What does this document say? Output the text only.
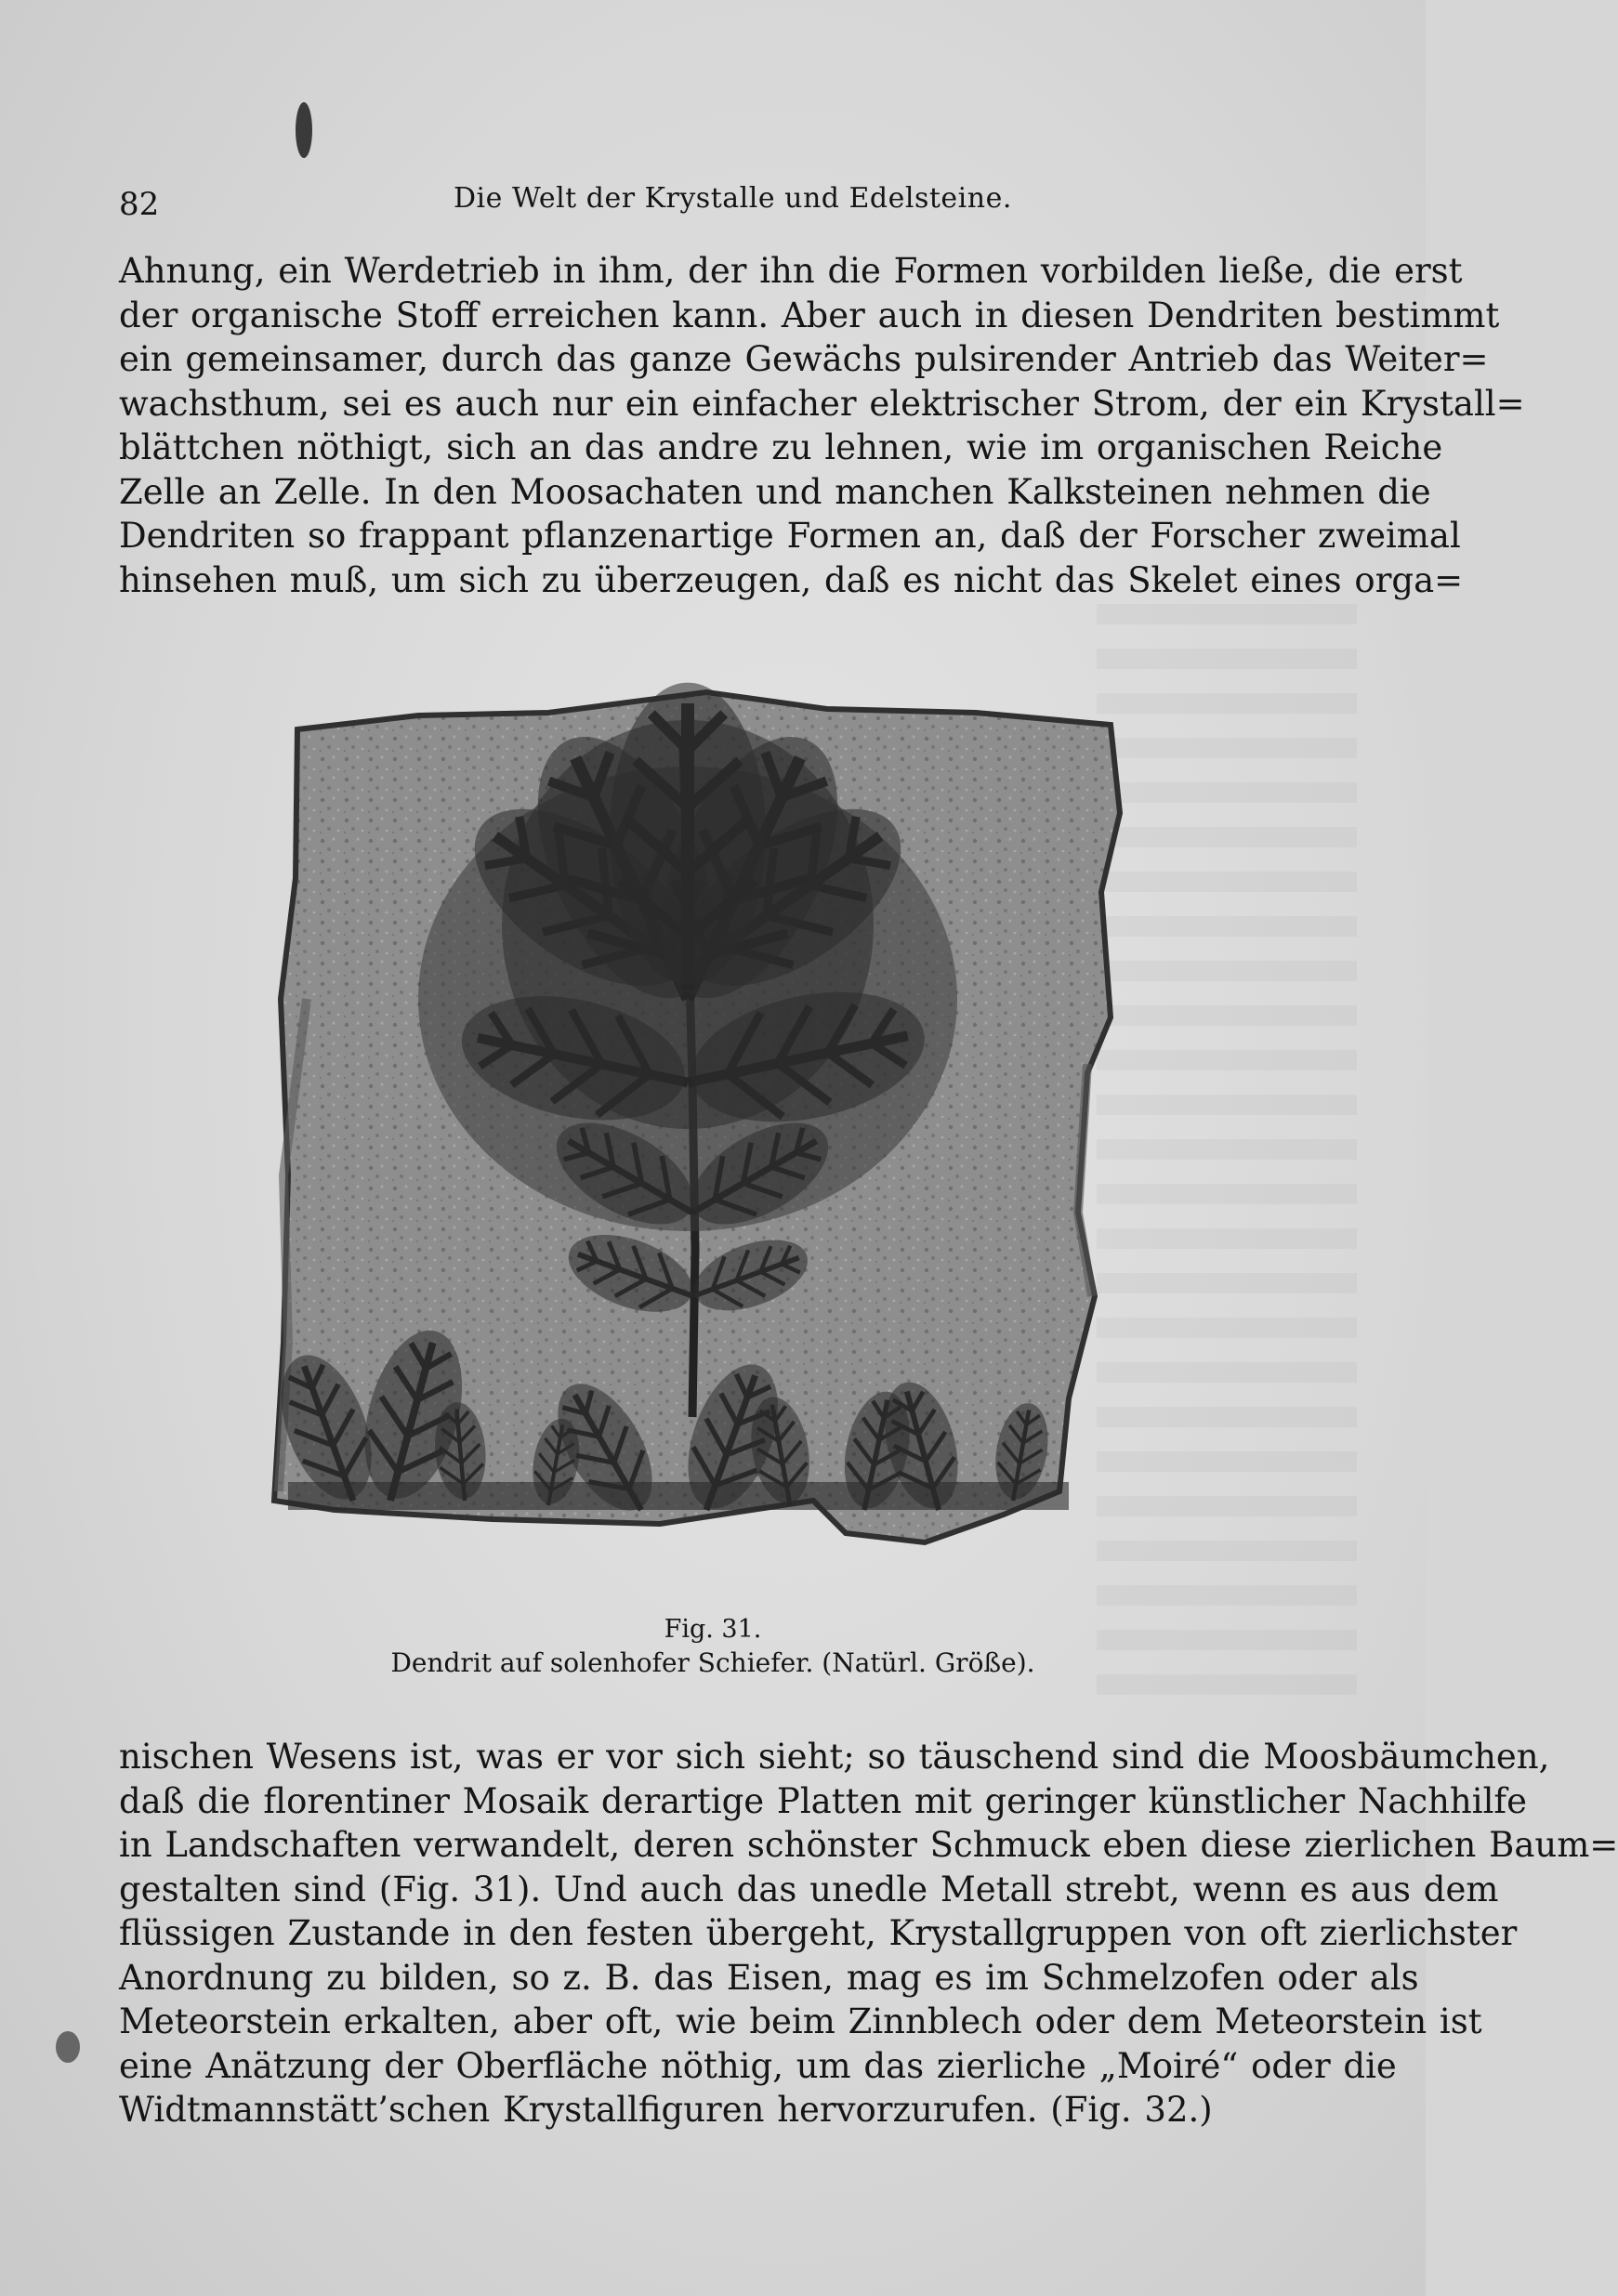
82	Die Welt der Krystalle und Edelsteine.
Ahnung, ein Werdetrieb in ihm, der ihn die Formen vorbilden ließe, die erst
der organische Stoff erreichen kann. Aber auch in diesen Dendriten bestimmt
ein gemeinsamer, durch das ganze Gewächs pulsirender Antrieb das Weiter=
wachsthum, sei es auch nur ein einfacher elektrischer Strom, der ein Krystall=
blättchen nöthigt, sich an das andre zu lehnen, wie im organischen Reiche
Zelle an Zelle. In den Moosachaten und manchen Kalksteinen nehmen die
Dendriten so frappant pflanzenartige Formen an, daß der Forscher zweimal
hinsehen muß, um sich zu überzeugen, daß es nicht das Skelet eines orga=
Fig. 31.
Dendrit auf solenhofer Schiefer. (Natürl. Größe).
nischen Wesens ist, was er vor sich sieht; so täuschend sind die Moosbäumchen,
daß die florentiner Mosaik derartige Platten mit geringer künstlicher Nachhilfe
in Landschaften verwandelt, deren schönster Schmuck eben diese zierlichen Baum=
gestalten sind (Fig. 31). Und auch das unedle Metall strebt, wenn es aus dem
flüssigen Zustande in den festen übergeht, Krystallgruppen von oft zierlichster
Anordnung zu bilden, so z. B. das Eisen, mag es im Schmelzofen oder als
Meteorstein erkalten, aber oft, wie beim Zinnblech oder dem Meteorstein ist
eine Anätzung der Oberfläche nöthig, um das zierliche „Moiré“ oder die
Widtmannstätt’schen Krystallfiguren hervorzurufen. (Fig. 32.)
